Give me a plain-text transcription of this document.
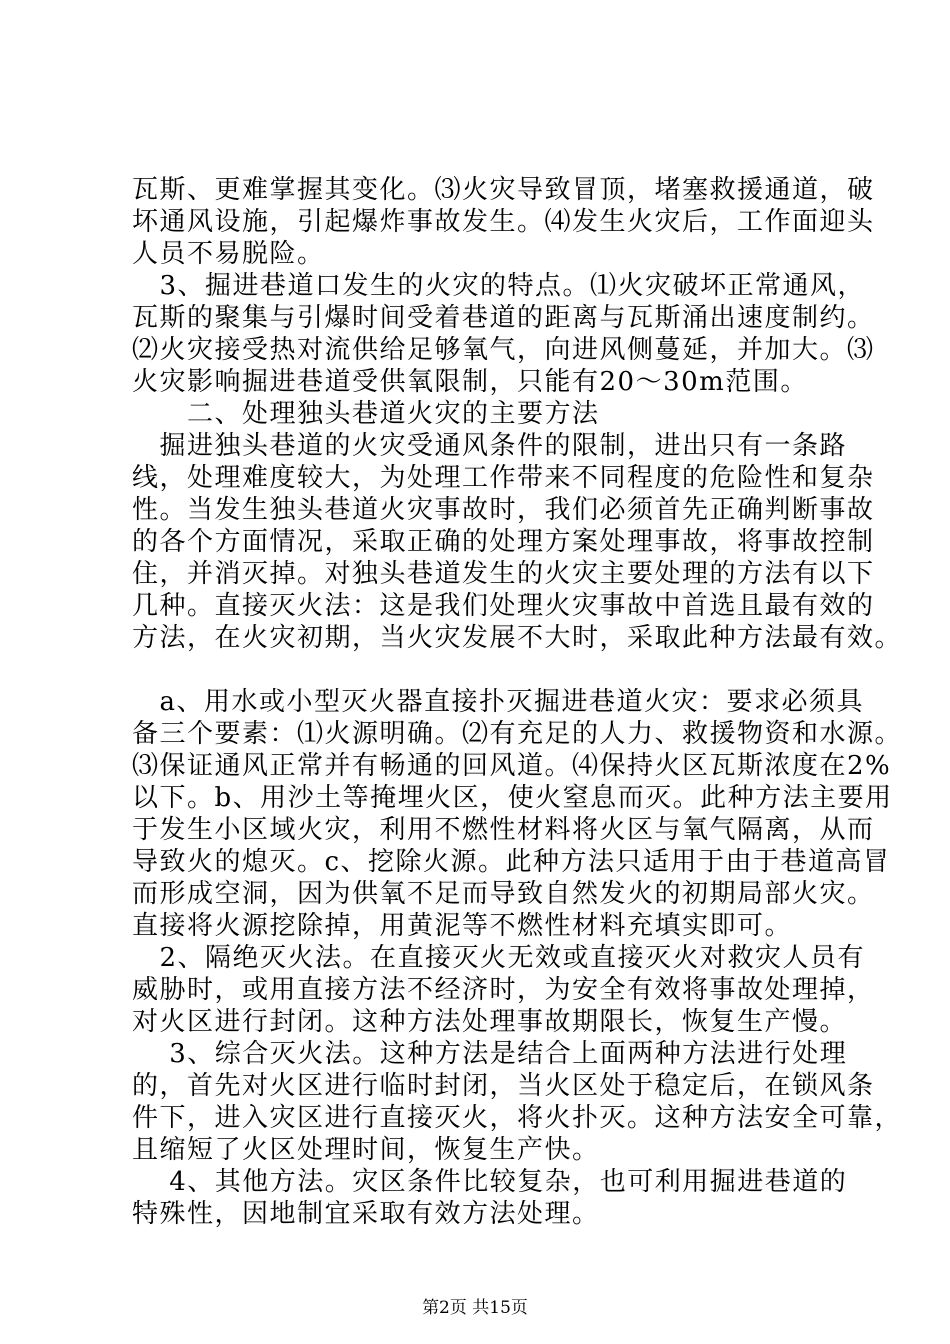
瓦斯、更难掌握其变化。⑶火灾导致冒顶，堵塞救援通道，破
坏通风设施，引起爆炸事故发生。⑷发生火灾后，工作面迎头
人员不易脱险。
　3、掘进巷道口发生的火灾的特点。⑴火灾破坏正常通风，
瓦斯的聚集与引爆时间受着巷道的距离与瓦斯涌出速度制约。
⑵火灾接受热对流供给足够氧气，向进风侧蔓延，并加大。⑶
火灾影响掘进巷道受供氧限制，只能有20～30m范围。
　　二、处理独头巷道火灾的主要方法
　掘进独头巷道的火灾受通风条件的限制，进出只有一条路
线，处理难度较大，为处理工作带来不同程度的危险性和复杂
性。当发生独头巷道火灾事故时，我们必须首先正确判断事故
的各个方面情况，采取正确的处理方案处理事故，将事故控制
住，并消灭掉。对独头巷道发生的火灾主要处理的方法有以下
几种。直接灭火法：这是我们处理火灾事故中首选且最有效的
方法，在火灾初期，当火灾发展不大时，采取此种方法最有效。
　a、用水或小型灭火器直接扑灭掘进巷道火灾：要求必须具
备三个要素：⑴火源明确。⑵有充足的人力、救援物资和水源。
⑶保证通风正常并有畅通的回风道。⑷保持火区瓦斯浓度在2%
以下。b、用沙土等掩埋火区，使火窒息而灭。此种方法主要用
于发生小区域火灾，利用不燃性材料将火区与氧气隔离，从而
导致火的熄灭。c、挖除火源。此种方法只适用于由于巷道高冒
而形成空洞，因为供氧不足而导致自然发火的初期局部火灾。
直接将火源挖除掉，用黄泥等不燃性材料充填实即可。
　2、隔绝灭火法。在直接灭火无效或直接灭火对救灾人员有
威胁时，或用直接方法不经济时，为安全有效将事故处理掉，
对火区进行封闭。这种方法处理事故期限长，恢复生产慢。
　 3、综合灭火法。这种方法是结合上面两种方法进行处理
的，首先对火区进行临时封闭，当火区处于稳定后，在锁风条
件下，进入灾区进行直接灭火，将火扑灭。这种方法安全可靠，
且缩短了火区处理时间，恢复生产快。
　 4、其他方法。灾区条件比较复杂，也可利用掘进巷道的
特殊性，因地制宜采取有效方法处理。
第2页 共15页
